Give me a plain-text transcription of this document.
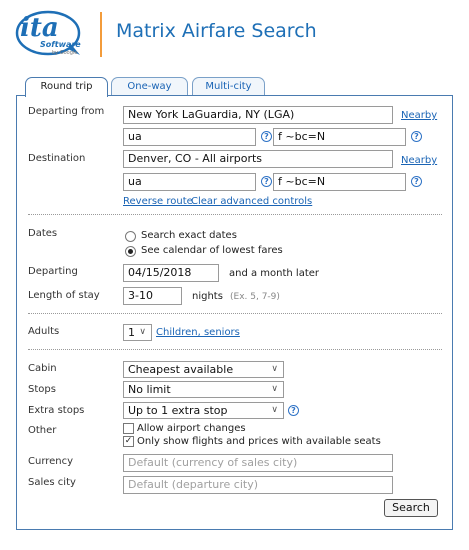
ita
Software
by Google
Matrix Airfare Search
Round trip	One-way	Multi-city
Departing from	New York LaGuardia, NY (LGA)	Nearby
ua	? f ~bc=N	?
Destination	Denver, CO - All airports	Nearby
ua	? f ~bc=N	?
Reverse route
Clear advanced controls
Dates	Search exact dates
See calendar of lowest fares
Departing	04/15/2018	and a month later
Length of stay	3-10	nights (Ex. 5, 7-9)
Adults	1 ∨ Children, seniors
Cabin	Cheapest available	∨
Stops	No limit	∨
Extra stops	Up to 1 extra stop	∨	?
Other	Allow airport changes
✓ Only show flights and prices with available seats
Currency	Default (currency of sales city)
Sales city	Default (departure city)
Search
